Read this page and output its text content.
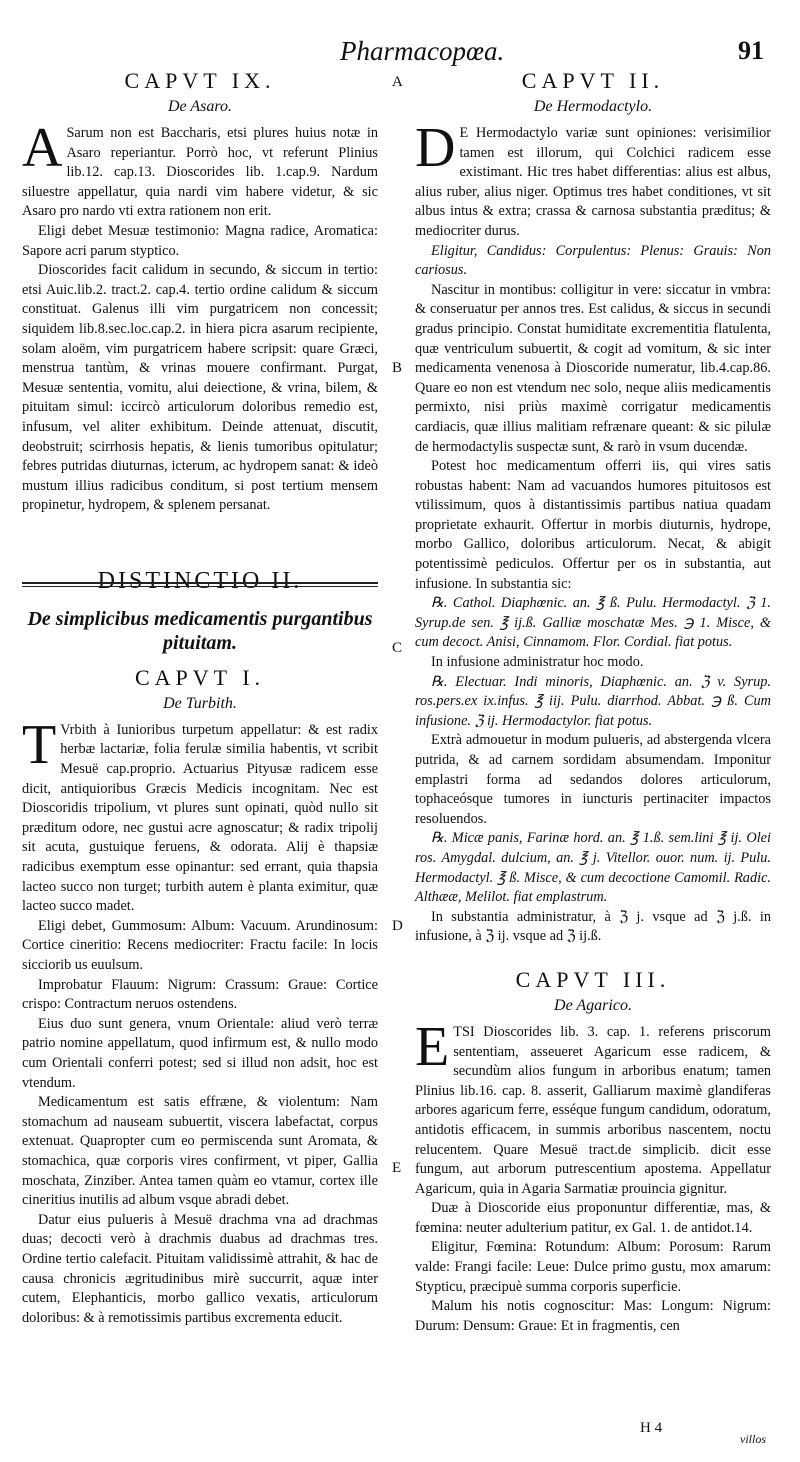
Pharmacopœa.	91
A
B
C
D
E
CAPVT IX.
De Asaro.

A Sarum non est Baccharis, etsi plures huius notæ in Asaro reperiantur. Porrò hoc, vt referunt Plinius lib.12. cap.13. Dioscorides lib. 1.cap.9. Nardum siluestre appellatur, quia nardi vim habere videtur, & sic Asaro pro nardo vti extra rationem non erit.

Eligi debet Mesuæ testimonio: Magna radice, Aromatica: Sapore acri parum styptico.

Dioscorides facit calidum in secundo, & siccum in tertio: etsi Auic.lib.2. tract.2. cap.4. tertio ordine calidum & siccum constituat. Galenus illi vim purgatricem non concessit; siquidem lib.8.sec.loc.cap.2. in hiera picra asarum recipiente, solam aloëm, vim purgatricem habere scripsit: quare Græci, menstrua tantùm, & vrinas mouere confirmant. Purgat, Mesuæ sententia, vomitu, alui deiectione, & vrina, bilem, & pituitam simul: iccircò articulorum doloribus remedio est, infusum, vel aliter exhibitum. Deinde attenuat, discutit, deobstruit; scirrhosis hepatis, & lienis tumoribus opitulatur; febres putridas diuturnas, icterum, ac hydropem sanat: & ideò mustum illius radicibus conditum, si post tertium mensem propinetur, hydropem, & splenem persanat.

DISTINCTIO II.
De simplicibus medicamentis purgantibus pituitam.
CAPVT I.
De Turbith.

T Vrbith à Iunioribus turpetum appellatur: & est radix herbæ lactariæ, folia ferulæ similia habentis, vt scribit Mesuë cap.proprio. Actuarius Pityusæ radicem esse dicit, antiquioribus Græcis Medicis incognitam. Nec est Dioscoridis tripolium, vt plures sunt opinati, quòd nullo sit præditum odore, nec gustui acre agnoscatur; & radix tripolij sit acuta, gustuique feruens, & odorata. Alij è thapsiæ radicibus exemptum esse opinantur: sed errant, quia thapsia lacteo succo non turget; turbith autem è planta eximitur, quæ lacteo succo madet.

Eligi debet, Gummosum: Album: Vacuum. Arundinosum: Cortice cineritio: Recens mediocriter: Fractu facile: In locis sicciorib us euulsum.

Improbatur Flauum: Nigrum: Crassum: Graue: Cortice crispo: Contractum neruos ostendens.

Eius duo sunt genera, vnum Orientale: aliud verò terræ patrio nomine appellatum, quod infirmum est, & nullo modo cum Orientali conferri potest; sed si illud non adsit, hoc est vtendum.

Medicamentum est satis effræne, & violentum: Nam stomachum ad nauseam subuertit, viscera labefactat, corpus extenuat. Quapropter cum eo permiscenda sunt Aromata, & stomachica, quæ corporis vires confirment, vt piper, Gallia moschata, Zinziber. Antea tamen quàm eo vtamur, cortex ille cineritius inutilis ad album vsque abradi debet.

Datur eius pulueris à Mesuë drachma vna ad drachmas duas; decocti verò à drachmis duabus ad drachmas tres. Ordine tertio calefacit. Pituitam validissimè attrahit, & hac de causa chronicis ægritudinibus mirè succurrit, aquæ inter cutem, Elephanticis, morbo gallico vexatis, articulorum doloribus: & à remotissimis partibus excrementa educit.

CAPVT II.
De Hermodactylo.

D E Hermodactylo variæ sunt opiniones: verisimilior tamen est illorum, qui Colchici radicem esse existimant. Hic tres habet differentias: alius est albus, alius ruber, alius niger. Optimus tres habet conditiones, vt sit albus intus & extra; crassa & carnosa substantia præditus; & mediocriter durus.

Eligitur, Candidus: Corpulentus: Plenus: Grauis: Non cariosus.

Nascitur in montibus: colligitur in vere: siccatur in vmbra: & conseruatur per annos tres. Est calidus, & siccus in secundi gradus principio. Constat humiditate excrementitia flatulenta, quæ ventriculum subuertit, & cogit ad vomitum, & sic inter medicamenta venenosa à Dioscoride numeratur, lib.4.cap.86. Quare eo non est vtendum nec solo, neque aliis medicamentis permixto, nisi priùs maximè corrigatur medicamentis cardiacis, quæ illius malitiam refrænare queant: & sic pilulæ de hermodactylis suspectæ sunt, & rarò in vsum ducendæ.

Potest hoc medicamentum offerri iis, qui vires satis robustas habent: Nam ad vacuandos humores pituitosos est vtilissimum, quos à distantissimis partibus natiua quadam proprietate exhaurit. Offertur in morbis diuturnis, hydrope, morbo Gallico, doloribus articulorum. Necat, & abigit potentissimè pediculos. Offertur per os in substantia, aut infusione. In substantia sic:

℞. Cathol. Diaphœnic. an. ℥ ß. Pulu. Hermodactyl. ℨ 1. Syrup.de sen. ℥ ij.ß. Galliæ moschatæ Mes. ℈ 1. Misce, & cum decoct. Anisi, Cinnamom. Flor. Cordial. fiat potus.

In infusione administratur hoc modo.

℞. Electuar. Indi minoris, Diaphœnic. an. ℨ v. Syrup. ros.pers.ex ix.infus. ℥ iij. Pulu. diarrhod. Abbat. ℈ ß. Cum infusione. ℨ ij. Hermodactylor. fiat potus.

Extrà admouetur in modum pulueris, ad abstergenda vlcera putrida, & ad carnem sordidam absumendam. Imponitur emplastri forma ad sedandos dolores articulorum, tophaceósque tumores in iuncturis pertinaciter impactos resoluendos.

℞. Micæ panis, Farinæ hord. an. ℥ 1.ß. sem.lini ℥ ij. Olei ros. Amygdal. dulcium, an. ℥ j. Vitellor. ouor. num. ij. Pulu. Hermodactyl. ℥ ß. Misce, & cum decoctione Camomil. Radic. Althææ, Melilot. fiat emplastrum.

In substantia administratur, à ℨ j. vsque ad ℨ j.ß. in infusione, à ℨ ij. vsque ad ℨ ij.ß.

CAPVT III.
De Agarico.

ETSI Dioscorides lib. 3. cap. 1. referens priscorum sententiam, asseueret Agaricum esse radicem, & secundùm alios fungum in arboribus enatum; tamen Plinius lib.16. cap. 8. asserit, Galliarum maximè glandiferas arbores agaricum ferre, esséque fungum candidum, odoratum, antidotis efficacem, in summis arboribus nascentem, noctu relucentem. Quare Mesuë tract.de simplicib. dicit esse fungum, aut arborum putrescentium apostema. Appellatur Agaricum, quia in Agaria Sarmatiæ prouincia gignitur.

Duæ à Dioscoride eius proponuntur differentiæ, mas, & fœmina: neuter adulterium patitur, ex Gal. 1. de antidot.14.

Eligitur, Fœmina: Rotundum: Album: Porosum: Rarum valde: Frangi facile: Leue: Dulce primo gustu, mox amarum: Stypticu, præcipuè summa corporis superficie.

Malum his notis cognoscitur: Mas: Longum: Nigrum: Durum: Densum: Graue: Et in fragmentis, cen

H 4
villos
